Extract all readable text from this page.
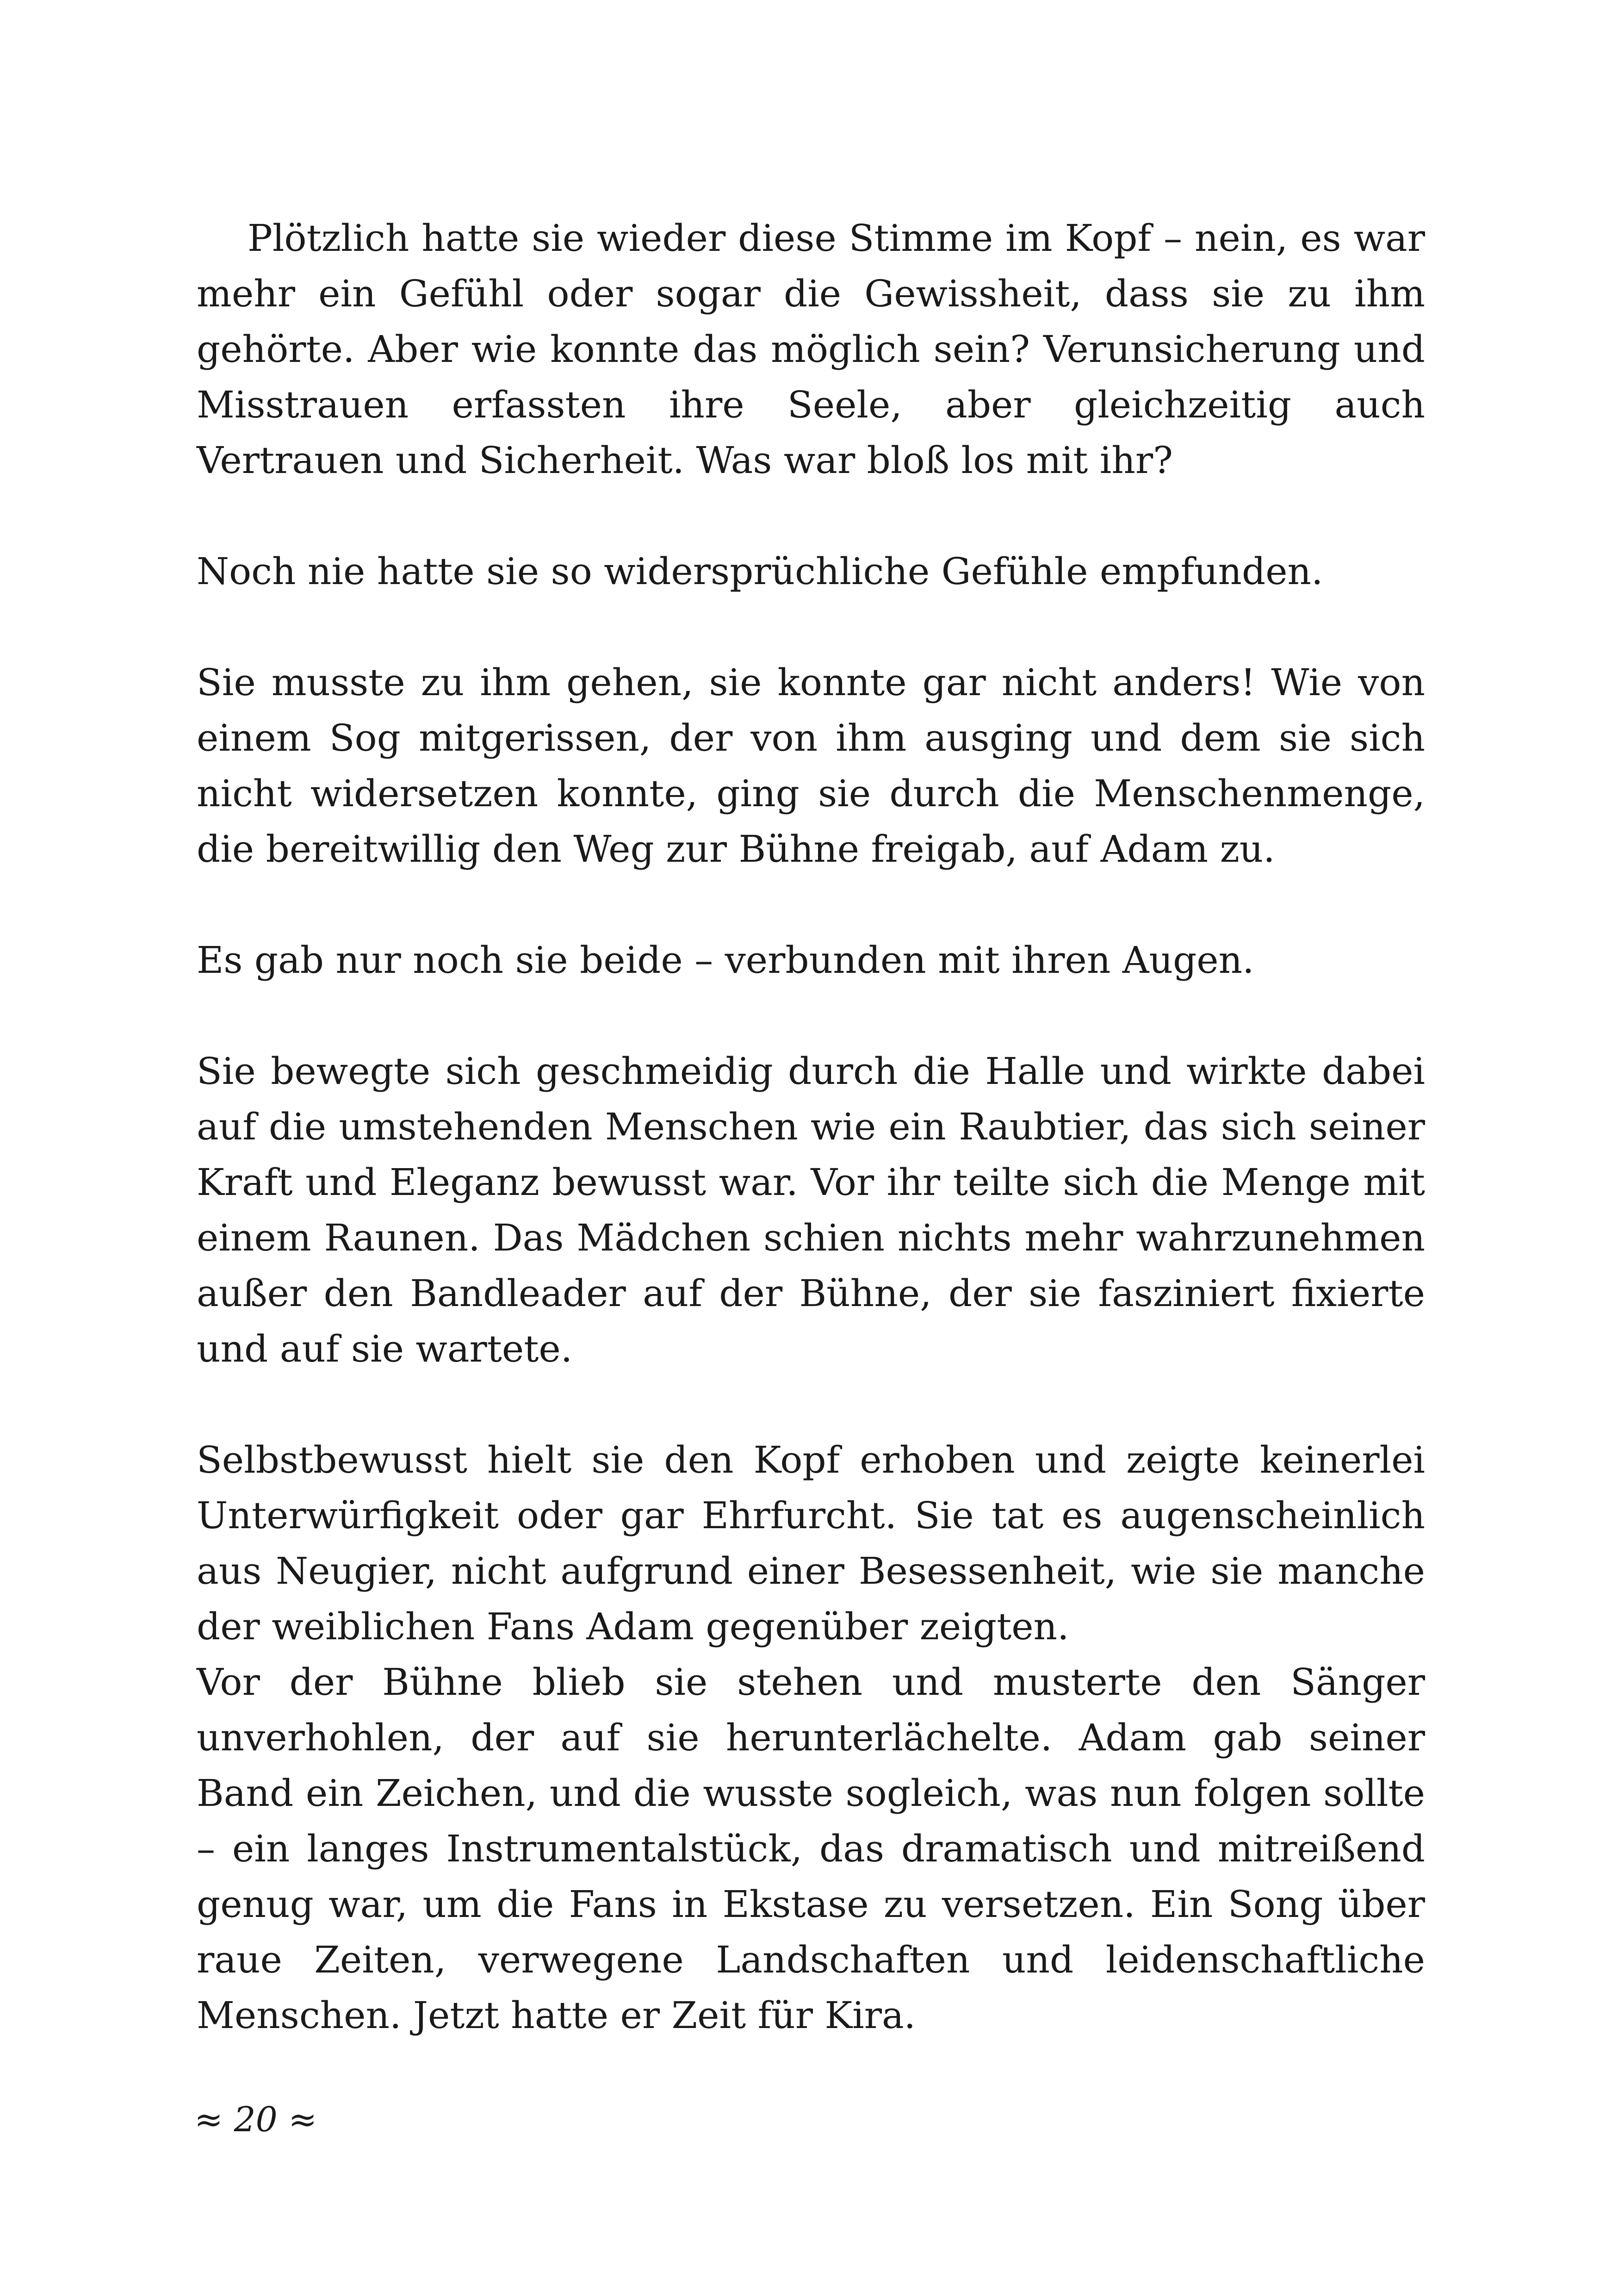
Plötzlich hatte sie wieder diese Stimme im Kopf – nein, es war mehr ein Gefühl oder sogar die Gewissheit, dass sie zu ihm gehörte. Aber wie konnte das möglich sein? Verunsicherung und Misstrauen erfassten ihre Seele, aber gleichzeitig auch Vertrauen und Sicherheit. Was war bloß los mit ihr?

Noch nie hatte sie so widersprüchliche Gefühle empfunden.

Sie musste zu ihm gehen, sie konnte gar nicht anders! Wie von einem Sog mitgerissen, der von ihm ausging und dem sie sich nicht widersetzen konnte, ging sie durch die Menschenmenge, die bereitwillig den Weg zur Bühne freigab, auf Adam zu.

Es gab nur noch sie beide – verbunden mit ihren Augen.

Sie bewegte sich geschmeidig durch die Halle und wirkte dabei auf die umstehenden Menschen wie ein Raubtier, das sich seiner Kraft und Eleganz bewusst war. Vor ihr teilte sich die Menge mit einem Raunen. Das Mädchen schien nichts mehr wahrzunehmen außer den Bandleader auf der Bühne, der sie fasziniert fixierte und auf sie wartete.

Selbstbewusst hielt sie den Kopf erhoben und zeigte keinerlei Unterwürfigkeit oder gar Ehrfurcht. Sie tat es augenscheinlich aus Neugier, nicht aufgrund einer Besessenheit, wie sie manche der weiblichen Fans Adam gegenüber zeigten.

Vor der Bühne blieb sie stehen und musterte den Sänger unverhohlen, der auf sie herunterlächelte. Adam gab seiner Band ein Zeichen, und die wusste sogleich, was nun folgen sollte – ein langes Instrumentalstück, das dramatisch und mitreißend genug war, um die Fans in Ekstase zu versetzen. Ein Song über raue Zeiten, verwegene Landschaften und leidenschaftliche Menschen. Jetzt hatte er Zeit für Kira.

≈ 20 ≈
